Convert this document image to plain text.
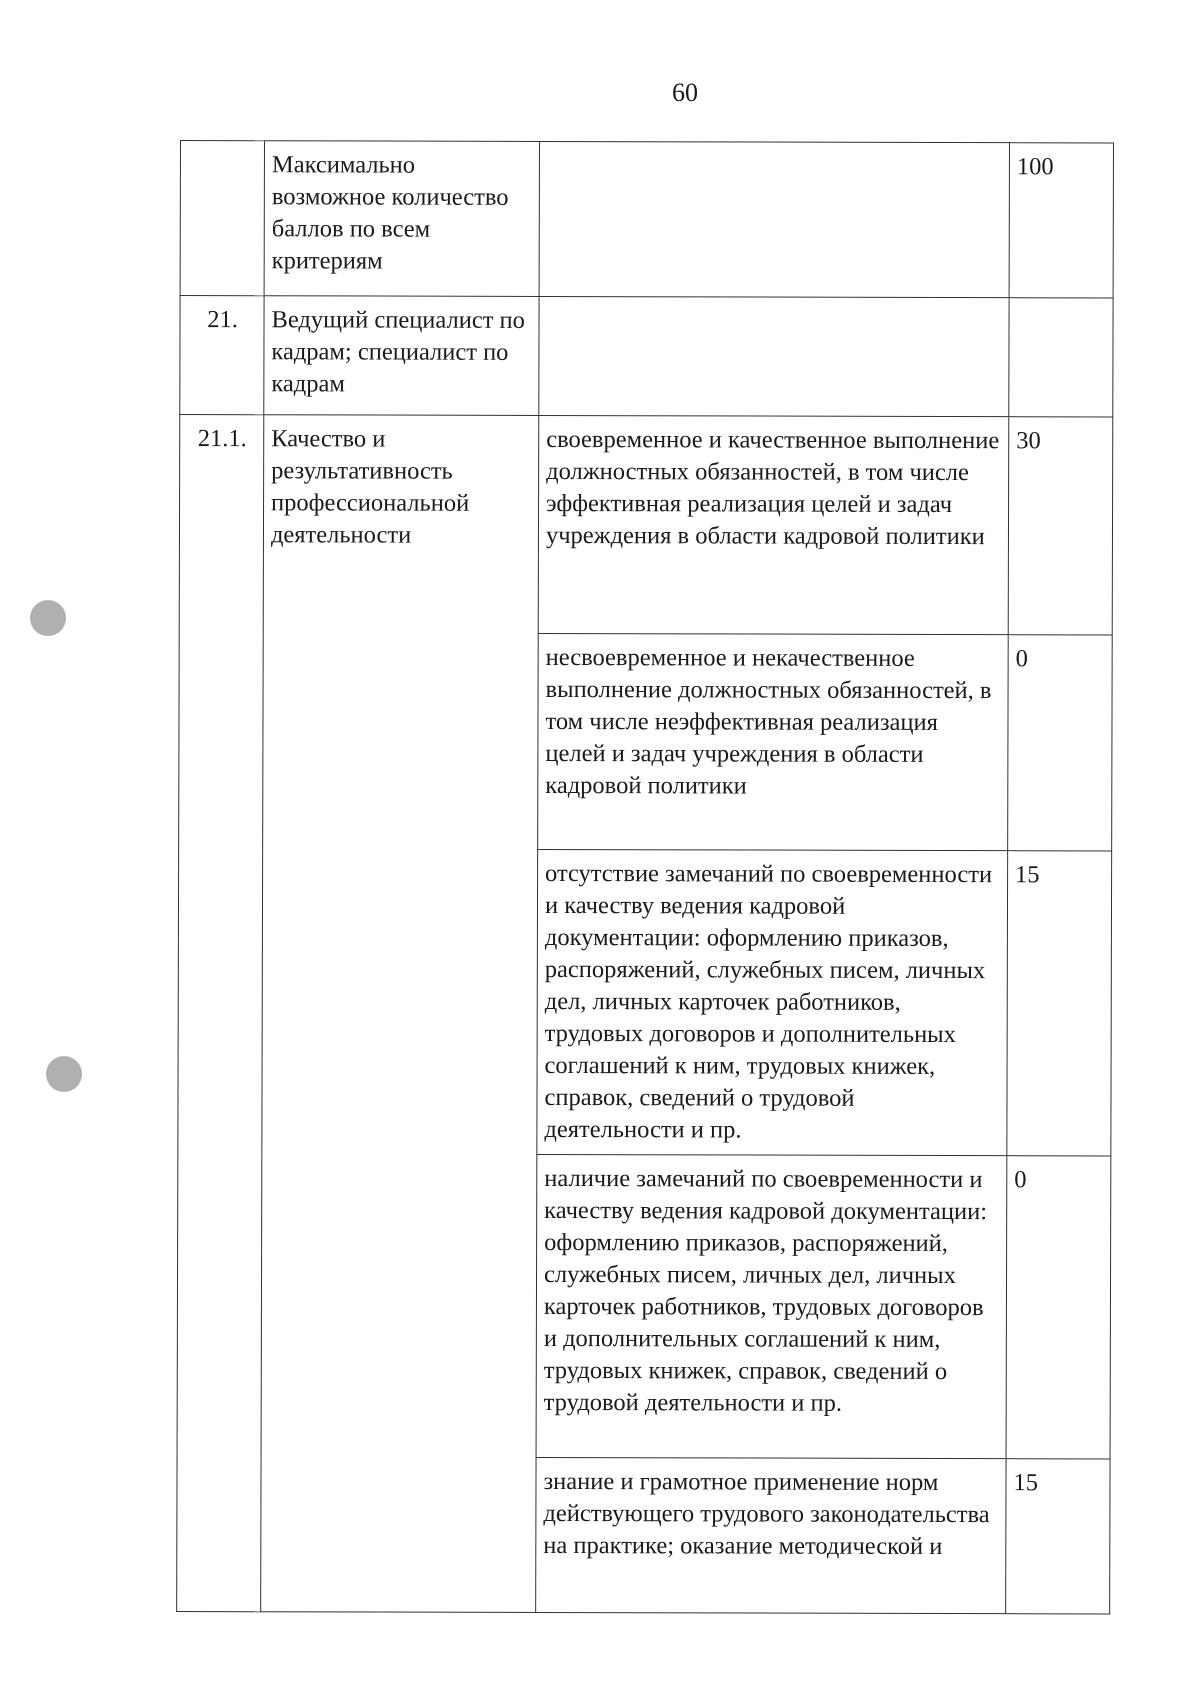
60
	Максимально возможное количество баллов по всем критериям		100
21.	Ведущий специалист по кадрам; специалист по кадрам		
21.1.	Качество и результативность профессиональной деятельности	своевременное и качественное выполнение должностных обязанностей, в том числе эффективная реализация целей и задач учреждения в области кадровой политики	30
		несвоевременное и некачественное выполнение должностных обязанностей, в том числе неэффективная реализация целей и задач учреждения в области кадровой политики	0
		отсутствие замечаний по своевременности и качеству ведения кадровой документации: оформлению приказов, распоряжений, служебных писем, личных дел, личных карточек работников, трудовых договоров и дополнительных соглашений к ним, трудовых книжек, справок, сведений о трудовой деятельности и пр.	15
		наличие замечаний по своевременности и качеству ведения кадровой документации: оформлению приказов, распоряжений, служебных писем, личных дел, личных карточек работников, трудовых договоров и дополнительных соглашений к ним, трудовых книжек, справок, сведений о трудовой деятельности и пр.	0
		знание и грамотное применение норм действующего трудового законодательства на практике; оказание методической и	15
